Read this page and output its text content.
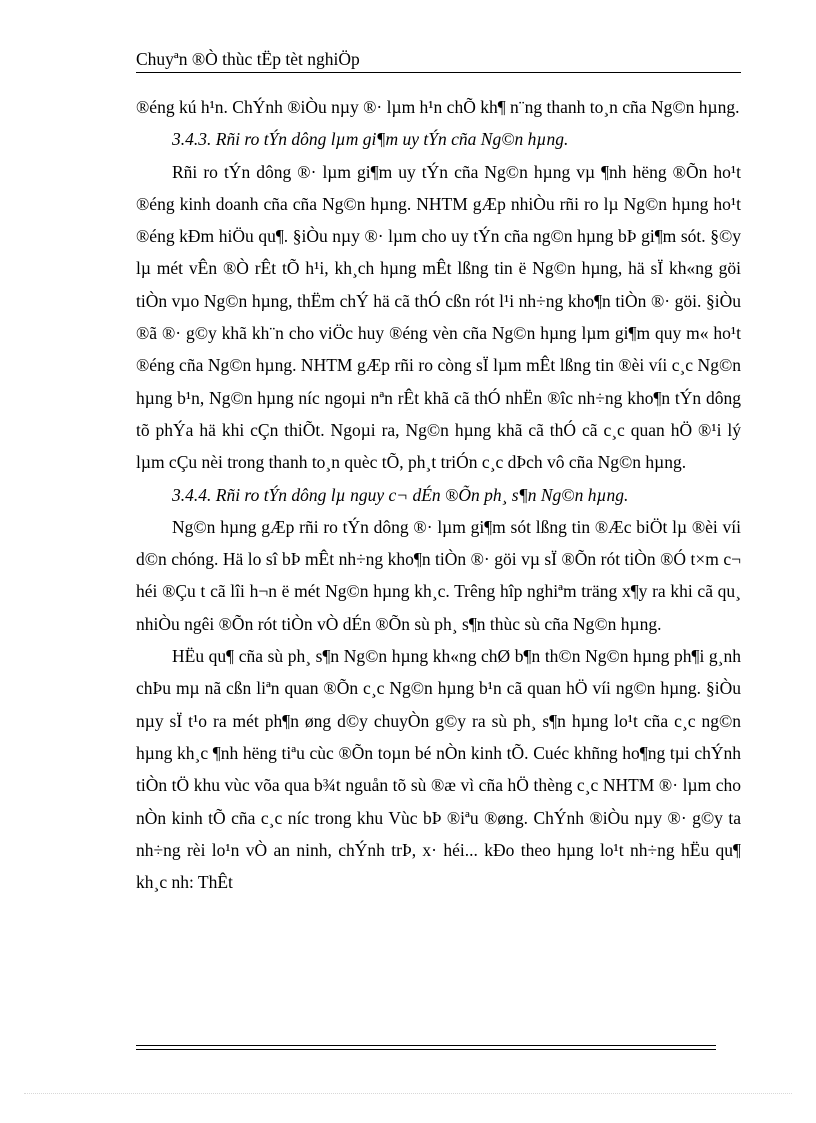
Chuyªn ®Ò thùc tËp tèt nghiÖp

®éng kú h¹n. ChÝnh ®iÒu nµy ®· lµm h¹n chÕ kh¶ n¨ng thanh to¸n cña Ng©n hµng.

3.4.3. Rñi ro tÝn dông lµm gi¶m uy tÝn cña Ng©n hµng.

Rñi ro tÝn dông ®· lµm gi¶m uy tÝn cña Ng©n hµng vµ ¶nh hëng ®Õn ho¹t ®éng kinh doanh cña cña Ng©n hµng. NHTM gÆp nhiÒu rñi ro lµ Ng©n hµng ho¹t ®éng kÐm hiÖu qu¶. §iÒu nµy ®· lµm cho uy tÝn cña ng©n hµng bÞ gi¶m sót. §©y lµ mét vÊn ®Ò rÊt tÕ h¹i, kh¸ch hµng mÊt lßng tin ë Ng©n hµng, hä sÏ kh«ng göi tiÒn vµo Ng©n hµng, thËm chÝ hä cã thÓ cßn rót l¹i nh÷ng kho¶n tiÒn ®· göi. §iÒu ®ã ®· g©y khã kh¨n cho viÖc huy ®éng vèn cña Ng©n hµng lµm gi¶m quy m« ho¹t ®éng cña Ng©n hµng. NHTM gÆp rñi ro còng sÏ lµm mÊt lßng tin ®èi víi c¸c Ng©n hµng b¹n, Ng©n hµng níc ngoµi nªn rÊt khã cã thÓ nhËn ®îc nh÷ng kho¶n tÝn dông tõ phÝa hä khi cÇn thiÕt. Ngoµi ra, Ng©n hµng khã cã thÓ cã c¸c quan hÖ ®¹i lý lµm cÇu nèi trong thanh to¸n quèc tÕ, ph¸t triÓn c¸c dÞch vô cña Ng©n hµng.

3.4.4. Rñi ro tÝn dông lµ nguy c¬ dÉn ®Õn ph¸ s¶n Ng©n hµng.

Ng©n hµng gÆp rñi ro tÝn dông ®· lµm gi¶m sót lßng tin ®Æc biÖt lµ ®èi víi d©n chóng. Hä lo sî bÞ mÊt nh÷ng kho¶n tiÒn ®· göi vµ sÏ ®Õn rót tiÒn ®Ó t×m c¬ héi ®Çu t cã lîi h¬n ë mét Ng©n hµng kh¸c. Trêng hîp nghiªm träng x¶y ra khi cã qu¸ nhiÒu ngêi ®Õn rót tiÒn vÒ dÉn ®Õn sù ph¸ s¶n thùc sù cña Ng©n hµng.

HËu qu¶ cña sù ph¸ s¶n Ng©n hµng kh«ng chØ b¶n th©n Ng©n hµng ph¶i g¸nh chÞu mµ nã cßn liªn quan ®Õn c¸c Ng©n hµng b¹n cã quan hÖ víi ng©n hµng. §iÒu nµy sÏ t¹o ra mét ph¶n øng d©y chuyÒn g©y ra sù ph¸ s¶n hµng lo¹t cña c¸c ng©n hµng kh¸c ¶nh hëng tiªu cùc ®Õn toµn bé nÒn kinh tÕ. Cuéc khñng ho¶ng tµi chÝnh tiÒn tÖ khu vùc võa qua b¾t nguån tõ sù ®æ vì cña hÖ thèng c¸c NHTM ®· lµm cho nÒn kinh tÕ cña c¸c níc trong khu Vùc bÞ ®iªu ®øng. ChÝnh ®iÒu nµy ®· g©y ta nh÷ng rèi lo¹n vÒ an ninh, chÝnh trÞ, x· héi... kÐo theo hµng lo¹t nh÷ng hËu qu¶ kh¸c nh: ThÊt
